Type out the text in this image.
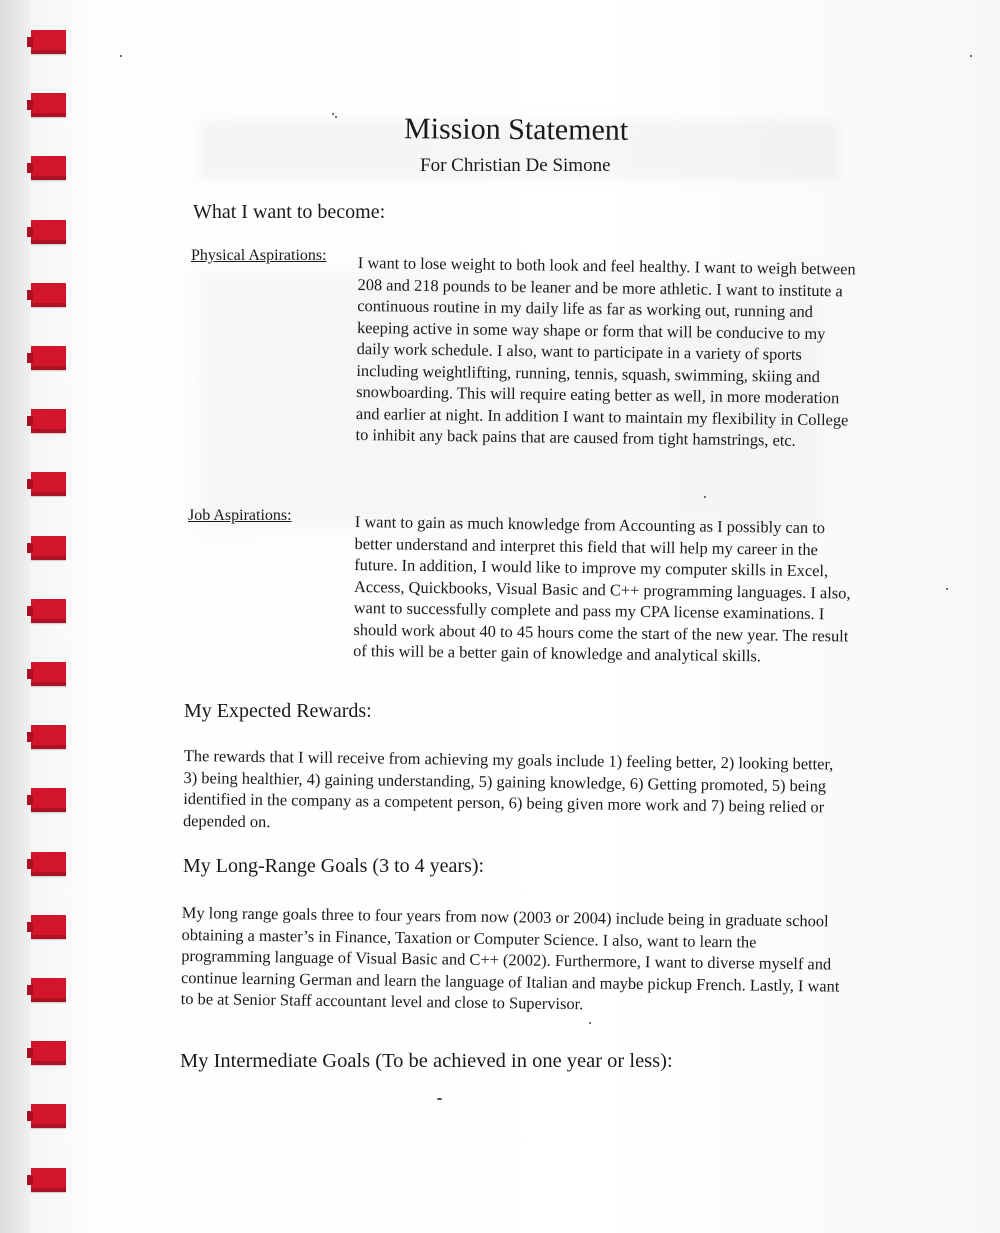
Mission Statement
For Christian De Simone
What I want to become:
Physical Aspirations: I want to lose weight to both look and feel healthy. I want to weigh between 208 and 218 pounds to be leaner and be more athletic. I want to institute a continuous routine in my daily life as far as working out, running and keeping active in some way shape or form that will be conducive to my daily work schedule. I also, want to participate in a variety of sports including weightlifting, running, tennis, squash, swimming, skiing and snowboarding. This will require eating better as well, in more moderation and earlier at night. In addition I want to maintain my flexibility in College to inhibit any back pains that are caused from tight hamstrings, etc.

Job Aspirations:	I want to gain as much knowledge from Accounting as I possibly can to better understand and interpret this field that will help my career in the future. In addition, I would like to improve my computer skills in Excel, Access, Quickbooks, Visual Basic and C++ programming languages. I also, want to successfully complete and pass my CPA license examinations. I should work about 40 to 45 hours come the start of the new year. The result of this will be a better gain of knowledge and analytical skills.

My Expected Rewards:

The rewards that I will receive from achieving my goals include 1) feeling better, 2) looking better, 3) being healthier, 4) gaining understanding, 5) gaining knowledge, 6) Getting promoted, 5) being identified in the company as a competent person, 6) being given more work and 7) being relied or depended on.

My Long-Range Goals (3 to 4 years):

My long range goals three to four years from now (2003 or 2004) include being in graduate school obtaining a master’s in Finance, Taxation or Computer Science. I also, want to learn the programming language of Visual Basic and C++ (2002). Furthermore, I want to diverse myself and continue learning German and learn the language of Italian and maybe pickup French. Lastly, I want to be at Senior Staff accountant level and close to Supervisor.

My Intermediate Goals (To be achieved in one year or less):
